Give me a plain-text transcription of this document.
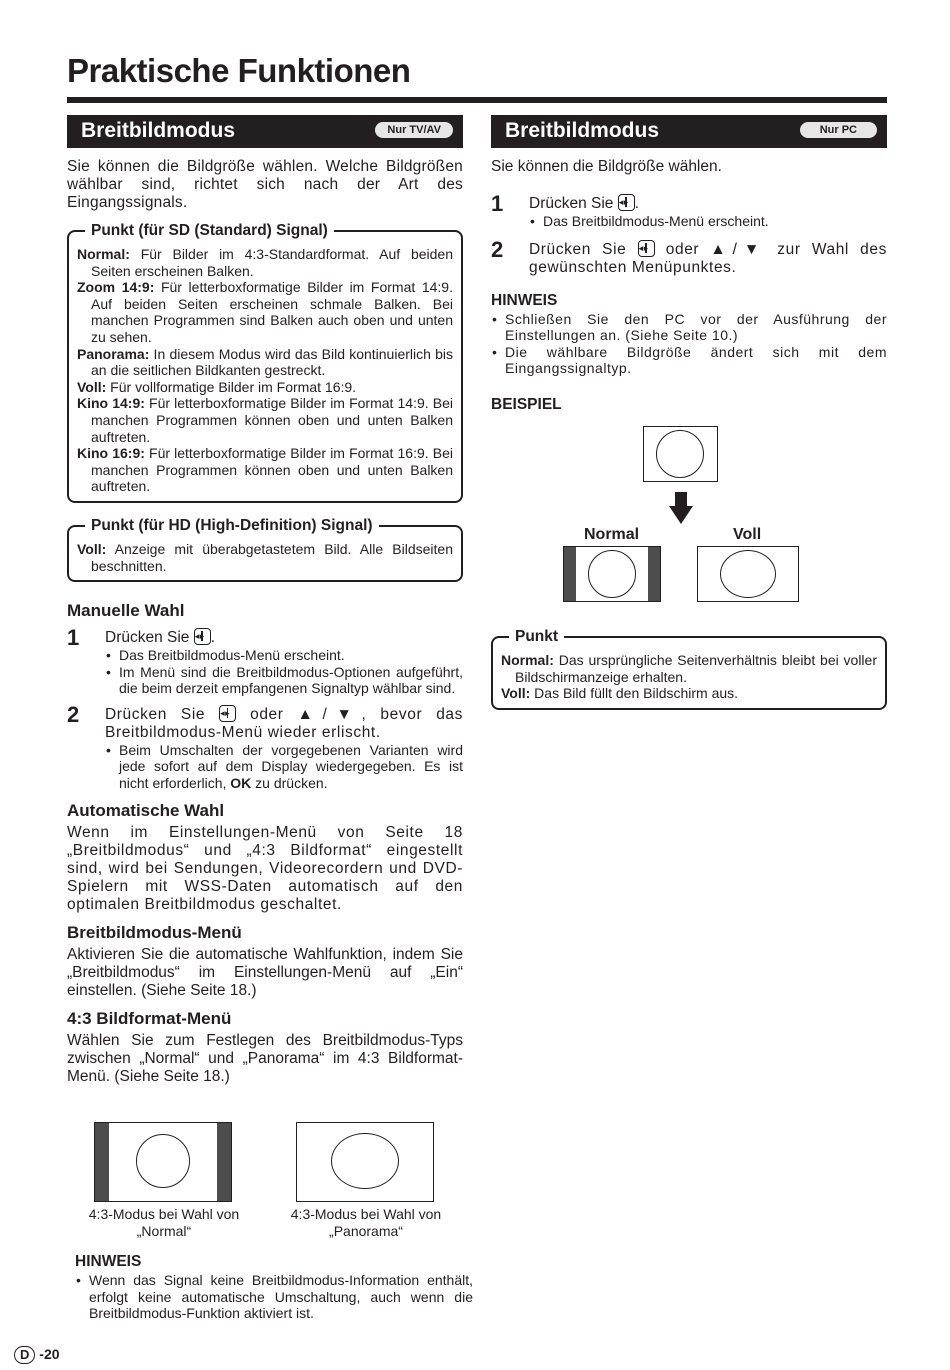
Praktische Funktionen
Breitbildmodus	Nur TV/AV

Sie können die Bildgröße wählen. Welche Bildgrößen wählbar sind, richtet sich nach der Art des Eingangssignals.

Punkt (für SD (Standard) Signal)

Normal: Für Bilder im 4:3-Standardformat. Auf beiden Seiten erscheinen Balken.

Zoom 14:9: Für letterboxformatige Bilder im Format 14:9. Auf beiden Seiten erscheinen schmale Balken. Bei manchen Programmen sind Balken auch oben und unten zu sehen.

Panorama: In diesem Modus wird das Bild kontinuierlich bis an die seitlichen Bildkanten gestreckt.

Voll: Für vollformatige Bilder im Format 16:9.

Kino 14:9: Für letterboxformatige Bilder im Format 14:9. Bei manchen Programmen können oben und unten Balken auftreten.

Kino 16:9: Für letterboxformatige Bilder im Format 16:9. Bei manchen Programmen können oben und unten Balken auftreten.

Punkt (für HD (High-Definition) Signal)

Voll: Anzeige mit überabgetastetem Bild. Alle Bildseiten beschnitten.

Manuelle Wahl
1 Drücken Sie ◂ ▸ .

• Das Breitbildmodus-Menü erscheint.
• Im Menü sind die Breitbildmodus-Optionen aufgeführt, die beim derzeit empfangenen Signaltyp wählbar sind.
2 Drücken Sie ◂ ▸ oder ▲/▼, bevor das Breitbildmodus-Menü wieder erlischt.

• Beim Umschalten der vorgegebenen Varianten wird jede sofort auf dem Display wiedergegeben. Es ist nicht erforderlich, OK zu drücken.
Automatische Wahl

Wenn im Einstellungen-Menü von Seite 18 „Breitbildmodus“ und „4:3 Bildformat“ eingestellt sind, wird bei Sendungen, Videorecordern und DVD-Spielern mit WSS-Daten automatisch auf den optimalen Breitbildmodus geschaltet.

Breitbildmodus-Menü

Aktivieren Sie die automatische Wahlfunktion, indem Sie „Breitbildmodus“ im Einstellungen-Menü auf „Ein“ einstellen. (Siehe Seite 18.)

4:3 Bildformat-Menü

Wählen Sie zum Festlegen des Breitbildmodus-Typs zwischen „Normal“ und „Panorama“ im 4:3 Bildformat-Menü. (Siehe Seite 18.)

4:3-Modus bei Wahl von
„Normal“
4:3-Modus bei Wahl von
„Panorama“
HINWEIS
• Wenn das Signal keine Breitbildmodus-Information enthält, erfolgt keine automatische Umschaltung, auch wenn die Breitbildmodus-Funktion aktiviert ist.
Breitbildmodus	Nur PC

Sie können die Bildgröße wählen.

1 Drücken Sie ◂ ▸ .

• Das Breitbildmodus-Menü erscheint.
2 Drücken Sie ◂ ▸ oder ▲/▼ zur Wahl des gewünschten Menüpunktes.

HINWEIS
• Schließen Sie den PC vor der Ausführung der Einstellungen an. (Siehe Seite 10.)
• Die wählbare Bildgröße ändert sich mit dem Eingangssignaltyp.
BEISPIEL
Normal	Voll
Punkt

Normal: Das ursprüngliche Seitenverhältnis bleibt bei voller Bildschirmanzeige erhalten.

Voll: Das Bild füllt den Bildschirm aus.

D -20
